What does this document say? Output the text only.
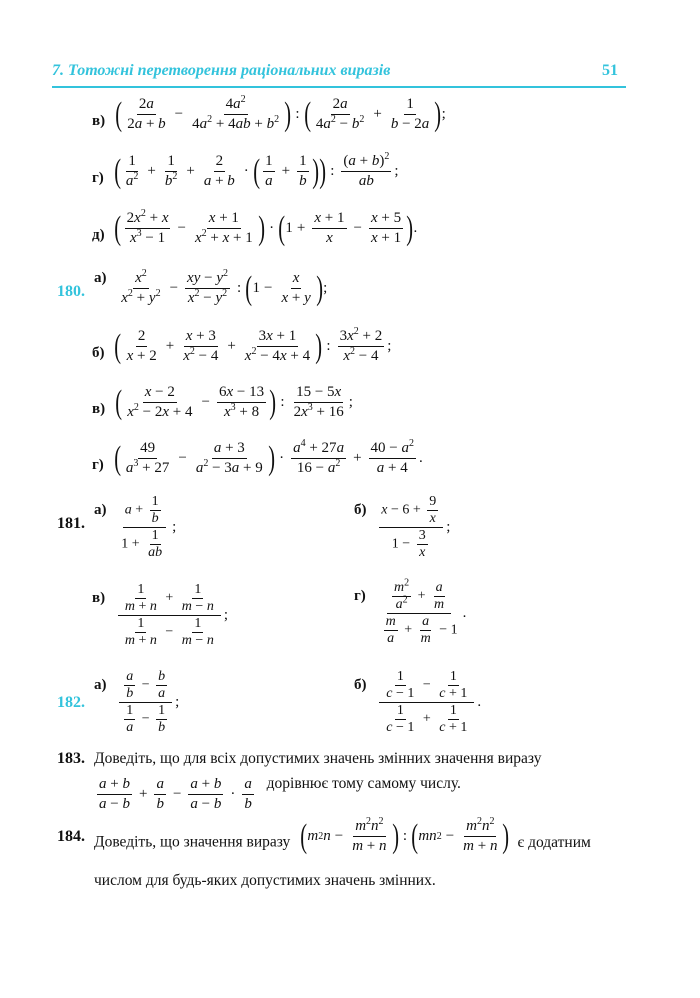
7. Тотожні перетворення раціональних виразів	51
в) ( $\frac{2a}{2a + b} - \frac{4a^2}{4a^2 + 4ab + b^2}$ ) : ( $\frac{2a}{4a^2 - b^2} + \frac{1}{b - 2a}$ ) ;
г) ( $\frac{1}{a^2} + \frac{1}{b^2} + \frac{2}{a + b}$ · ( $\frac{1}{a} + \frac{1}{b}$ ) ) : $\frac{(a + b)^2}{ab}$ ;
д) ( $\frac{2x^2 + x}{x^3 - 1} - \frac{x + 1}{x^2 + x + 1}$ ) · ( $1 + \frac{x + 1}{x} - \frac{x + 5}{x + 1}$ ) .
180.
$а) \frac{x^2}{x^2 + y^2} - \frac{xy - y^2}{x^2 - y^2}$ : ( $1 - \frac{x}{x + y}$ ) ;
б) ( $\frac{2}{x + 2} + \frac{x + 3}{x^2 - 4} + \frac{3x + 1}{x^2 - 4x + 4}$ ) : $\frac{3x^2 + 2}{x^2 - 4}$ ;
в) ( $\frac{x - 2}{x^2 - 2x + 4} - \frac{6x - 13}{x^3 + 8}$ ) : $\frac{15 - 5x}{2x^3 + 16}$ ;
г) ( $\frac{49}{a^3 + 27} - \frac{a + 3}{a^2 - 3a + 9}$ ) · $\frac{a^4 + 27a}{16 - a^2} + \frac{40 - a^2}{a + 4}$ .
181.
$а) \frac{a + \frac{1}{b}}{1 + \frac{1}{ab}}$ ;
$б) \frac{x - 6 + \frac{9}{x}}{1 - \frac{3}{x}}$ ;
$в) \frac{\frac{1}{m + n} + \frac{1}{m - n}}{\frac{1}{m + n} - \frac{1}{m - n}}$ ;
$г) \frac{\frac{m^2}{a^2} + \frac{a}{m}}{\frac{m}{a} + \frac{a}{m} - 1}$ .
182.
$а) \frac{\frac{a}{b} - \frac{b}{a}}{\frac{1}{a} - \frac{1}{b}}$ ;
$б) \frac{\frac{1}{c - 1} - \frac{1}{c + 1}}{\frac{1}{c - 1} + \frac{1}{c + 1}}$ .
183. Доведіть, що для всіх допустимих значень змінних значення виразу
$\frac{a + b}{a - b} + \frac{a}{b} - \frac{a + b}{a - b} \cdot \frac{a}{b}$ дорівнює тому самому числу.
184. Доведіть, що значення виразу ( m 2 $n - \frac{m^2n^2}{m + n}$ ) : ( mn $2 - \frac{m^2n^2}{m + n}$ ) є додатним
числом для будь-яких допустимих значень змінних.
